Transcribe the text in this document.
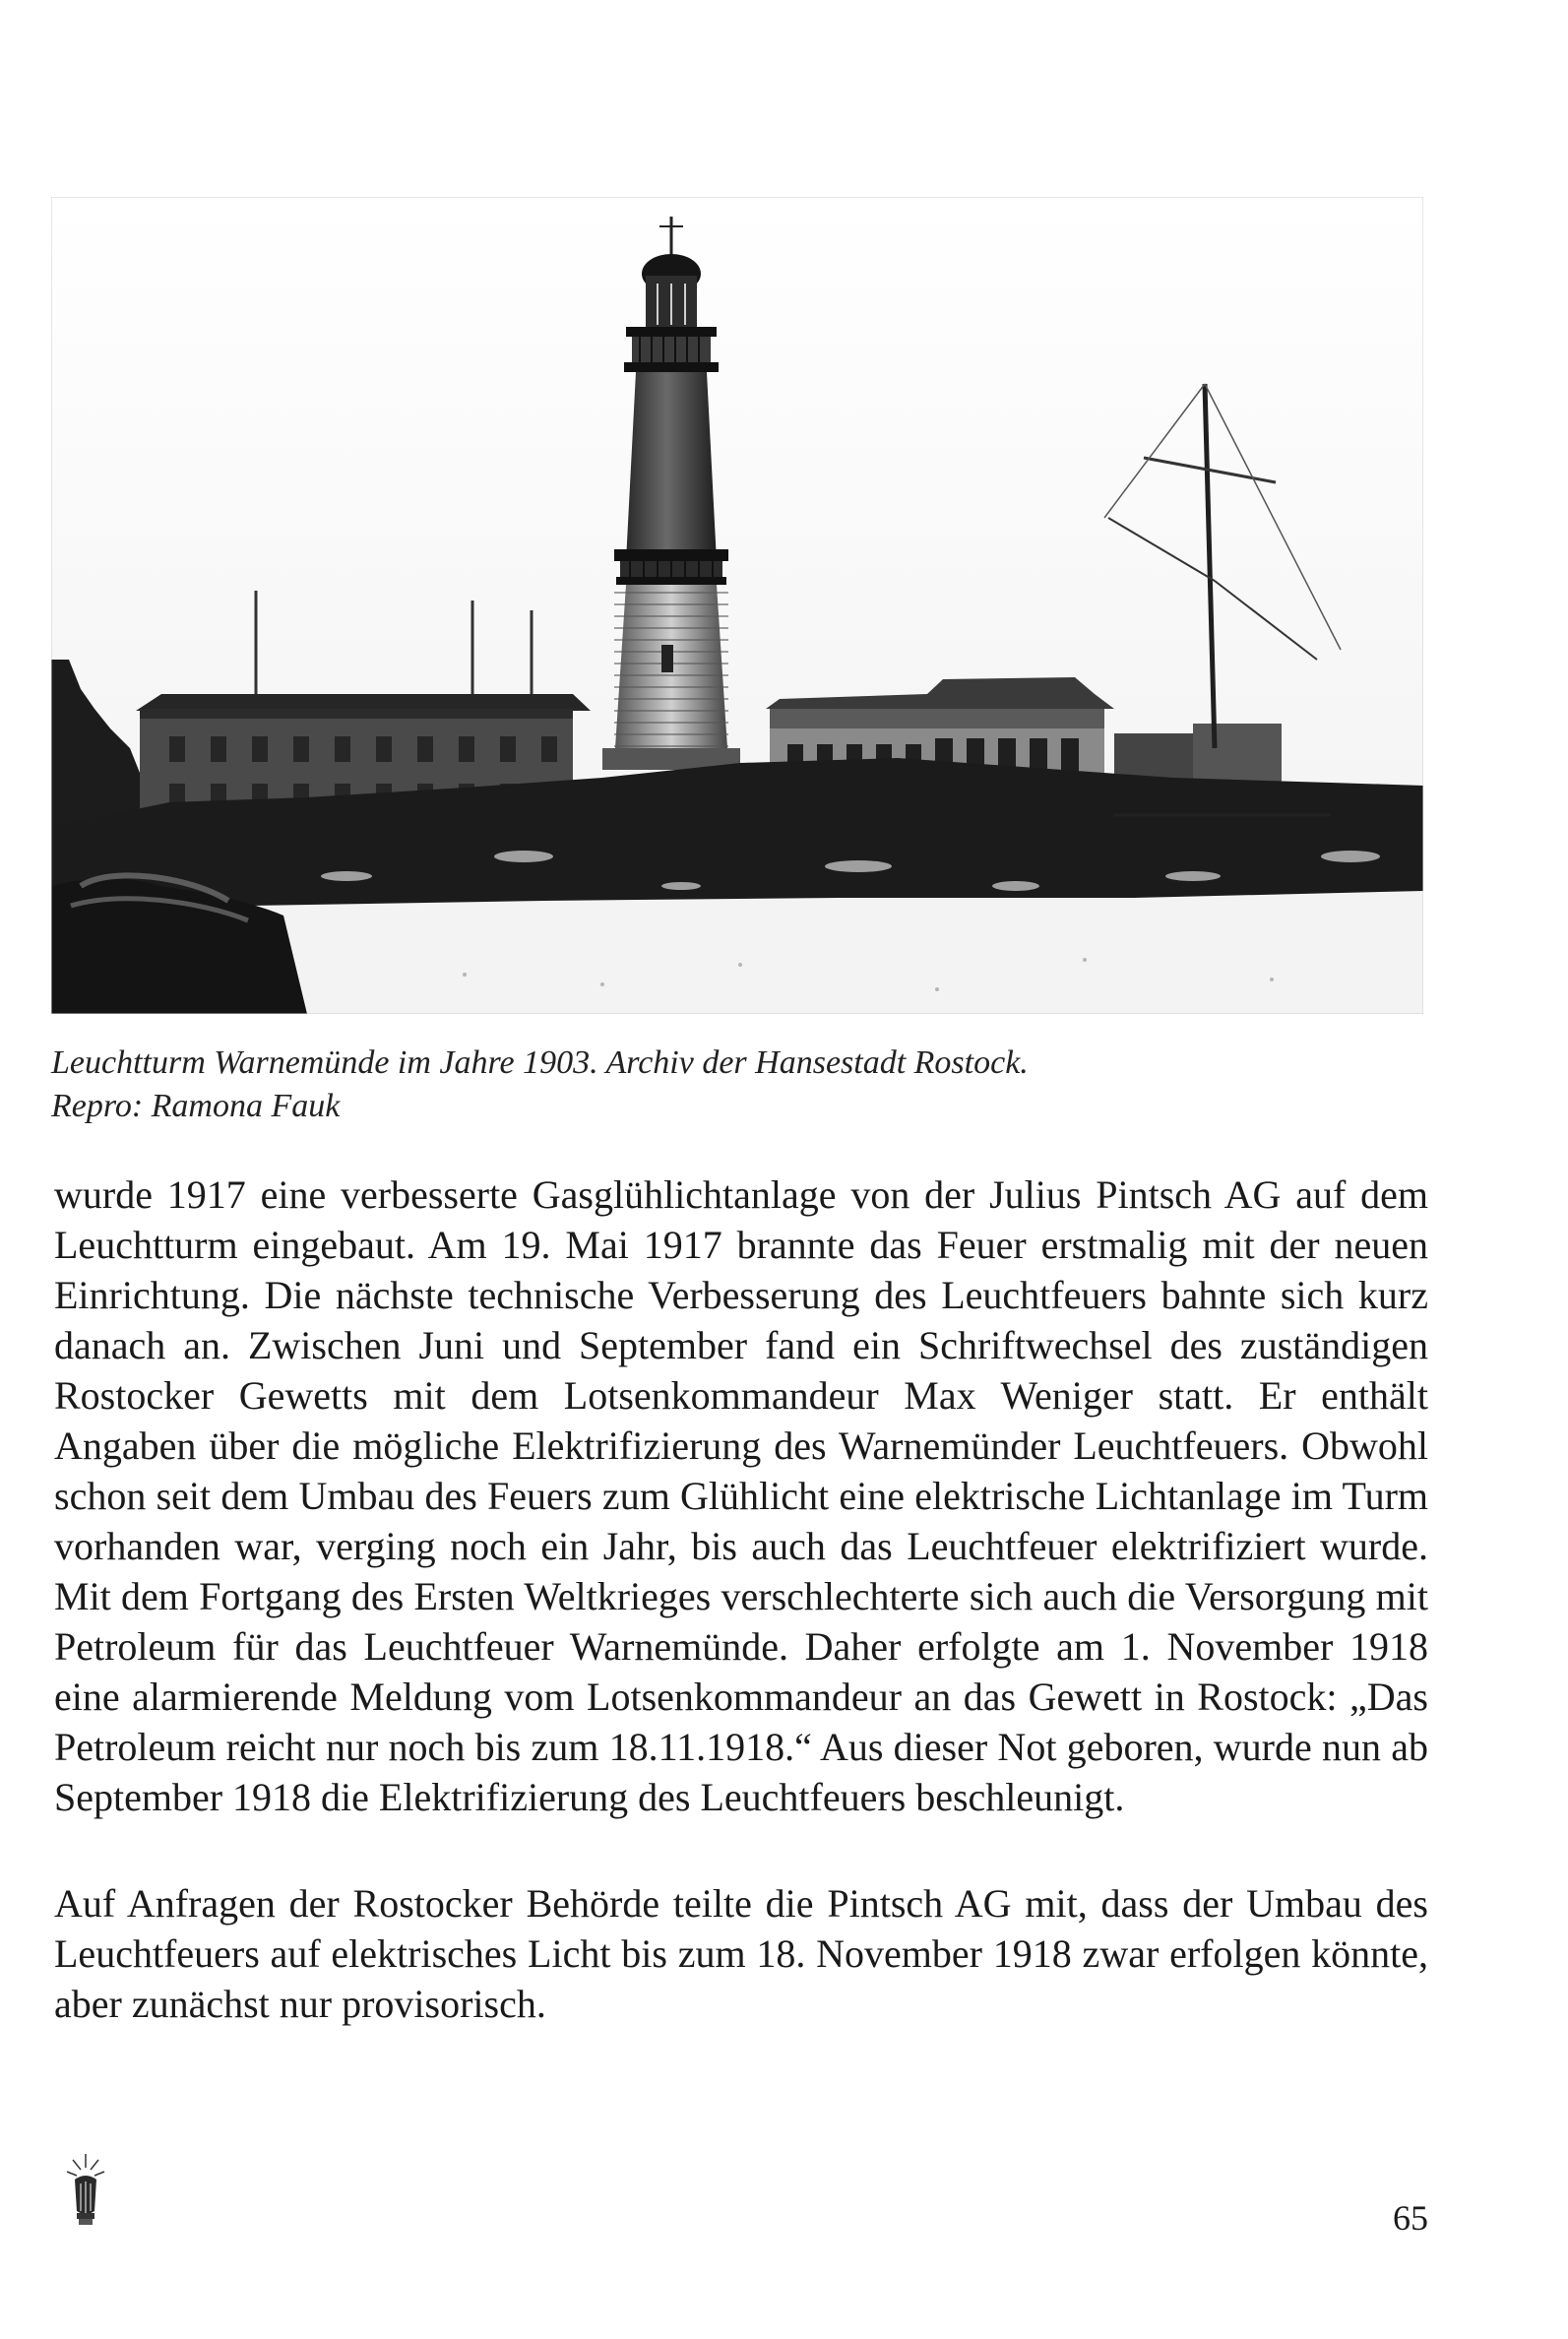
Leuchtturm Warnemünde im Jahre 1903. Archiv der Hansestadt Rostock.
Repro: Ramona Fauk

wurde 1917 eine verbesserte Gasglühlichtanlage von der Julius Pintsch AG auf dem Leuchtturm eingebaut. Am 19. Mai 1917 brannte das Feuer erstmalig mit der neuen Einrichtung. Die nächste technische Verbesserung des Leuchtfeuers bahnte sich kurz danach an. Zwischen Juni und September fand ein Schriftwechsel des zuständigen Rostocker Gewetts mit dem Lotsenkommandeur Max Weniger statt. Er enthält Angaben über die mögliche Elektrifizierung des Warnemünder Leuchtfeuers. Obwohl schon seit dem Umbau des Feuers zum Glühlicht eine elektrische Lichtanlage im Turm vorhanden war, verging noch ein Jahr, bis auch das Leuchtfeuer elektrifiziert wurde. Mit dem Fortgang des Ersten Weltkrieges verschlechterte sich auch die Versorgung mit Petroleum für das Leuchtfeuer Warnemünde. Daher erfolgte am 1. November 1918 eine alarmierende Meldung vom Lotsenkommandeur an das Gewett in Rostock: „Das Petroleum reicht nur noch bis zum 18.11.1918.“ Aus dieser Not geboren, wurde nun ab September 1918 die Elektrifizierung des Leuchtfeuers beschleunigt.

Auf Anfragen der Rostocker Behörde teilte die Pintsch AG mit, dass der Umbau des Leuchtfeuers auf elektrisches Licht bis zum 18. November 1918 zwar erfolgen könnte, aber zunächst nur provisorisch.

65
